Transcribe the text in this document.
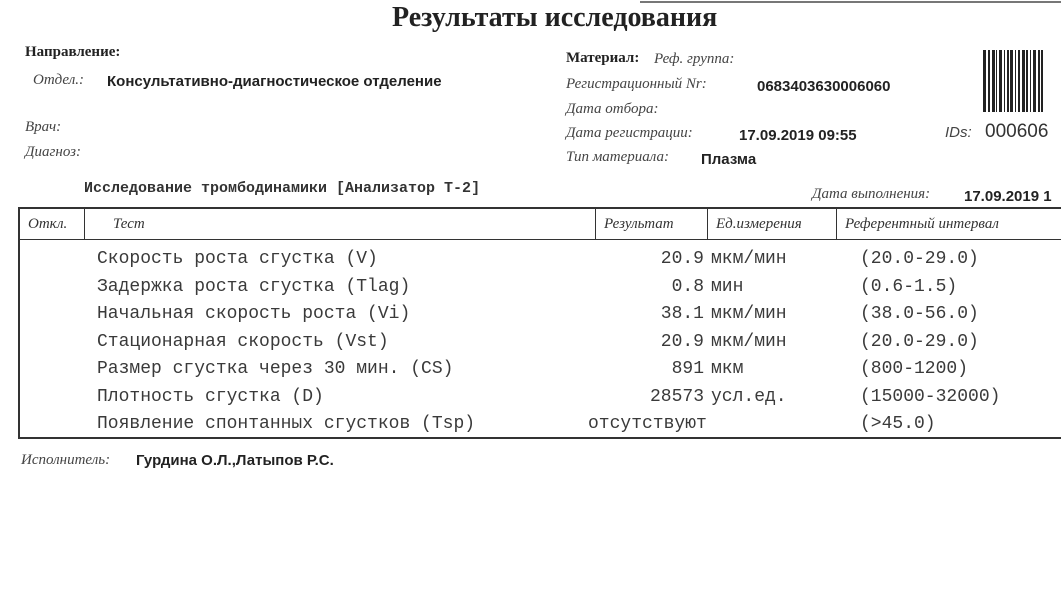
Результаты исследования
Направление:
Отдел.: Консультативно-диагностическое отделение
Врач:
Диагноз:
Материал: Реф. группа:
Регистрационный Nr:	0683403630006060
Дата отбора:
Дата регистрации:	17.09.2019 09:55
Тип материала: Плазма
IDs: 000606
Исследование тромбодинамики [Анализатор Т-2]	Дата выполнения: 17.09.2019 1
Откл.	Тест	Результат	Ед.измерения	Референтный интервал

Скорость роста сгустка (V)	20.9 мкм/мин	(20.0-29.0)
Задержка роста сгустка (Tlag)	0.8 мин	(0.6-1.5)
Начальная скорость роста (Vi)	38.1 мкм/мин	(38.0-56.0)
Стационарная скорость (Vst)	20.9 мкм/мин	(20.0-29.0)
Размер сгустка через 30 мин. (CS)	891 мкм	(800-1200)
Плотность сгустка (D)	28573 усл.ед.	(15000-32000)
Появление спонтанных сгустков (Tsp)	отсутствуют	(>45.0)
Исполнитель: Гурдина О.Л.,Латыпов Р.С.
